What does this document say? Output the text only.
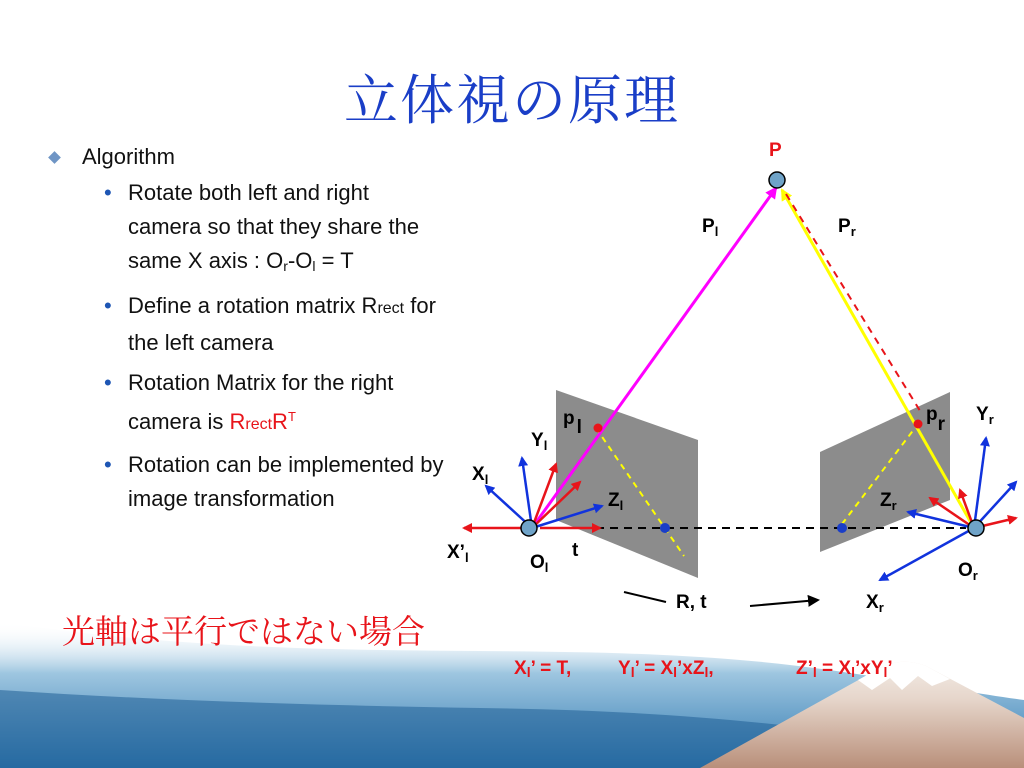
立体視の原理
Algorithm
• Rotate both left and right camera so that they share the same X axis : $O_r-O_l = T$
• Define a rotation matrix Rrect for the left camera
• Rotation Matrix for the right camera is RrectR$^T$
• Rotation can be implemented by image transformation
光軸は平行ではない場合
$X_l$’ = T, $Y_l$’ = $X_l’xZ_l$,	$Z’_l$ = $X_l’xY_l$’
P
$P_l$	$P_r$
p l
pr
$Y_l$
$X_l$
$Z_l$
$X’_l$	$O_l$
t
$Y_r$
$Z_r$
$O_r$
$X_r$
R, t
